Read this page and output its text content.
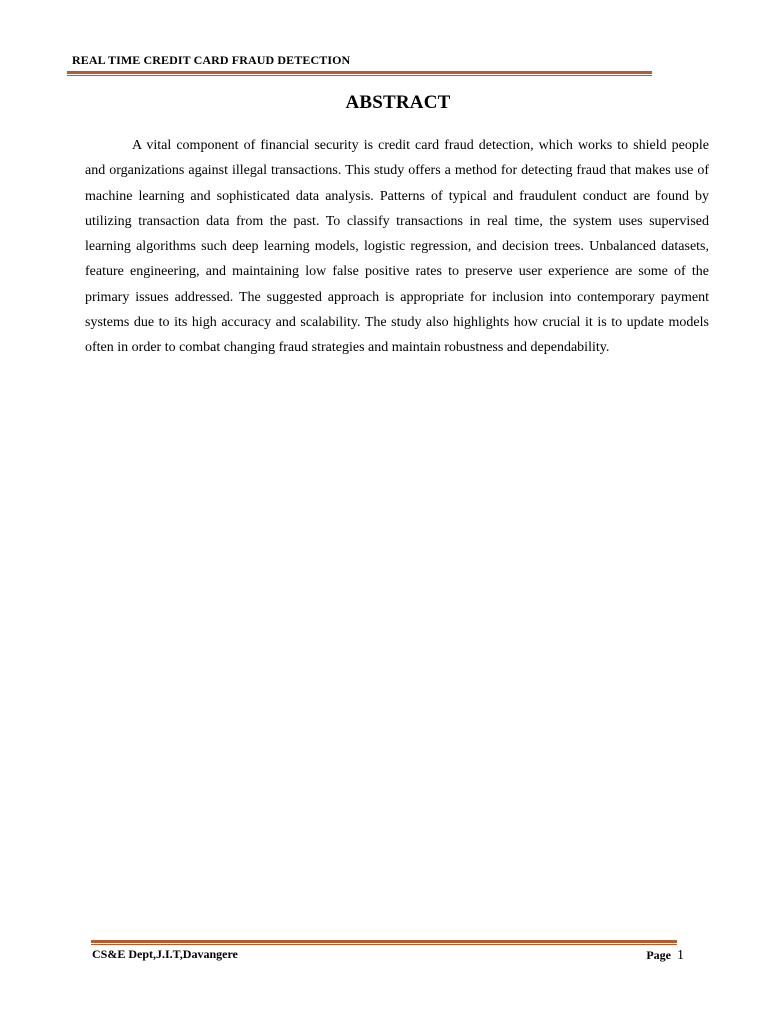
REAL TIME CREDIT CARD FRAUD DETECTION
ABSTRACT

A vital component of financial security is credit card fraud detection, which works to shield people and organizations against illegal transactions. This study offers a method for detecting fraud that makes use of machine learning and sophisticated data analysis. Patterns of typical and fraudulent conduct are found by utilizing transaction data from the past. To classify transactions in real time, the system uses supervised learning algorithms such deep learning models, logistic regression, and decision trees. Unbalanced datasets, feature engineering, and maintaining low false positive rates to preserve user experience are some of the primary issues addressed. The suggested approach is appropriate for inclusion into contemporary payment systems due to its high accuracy and scalability. The study also highlights how crucial it is to update models often in order to combat changing fraud strategies and maintain robustness and dependability.

CS&E Dept,J.I.T,Davangere	Page 1
